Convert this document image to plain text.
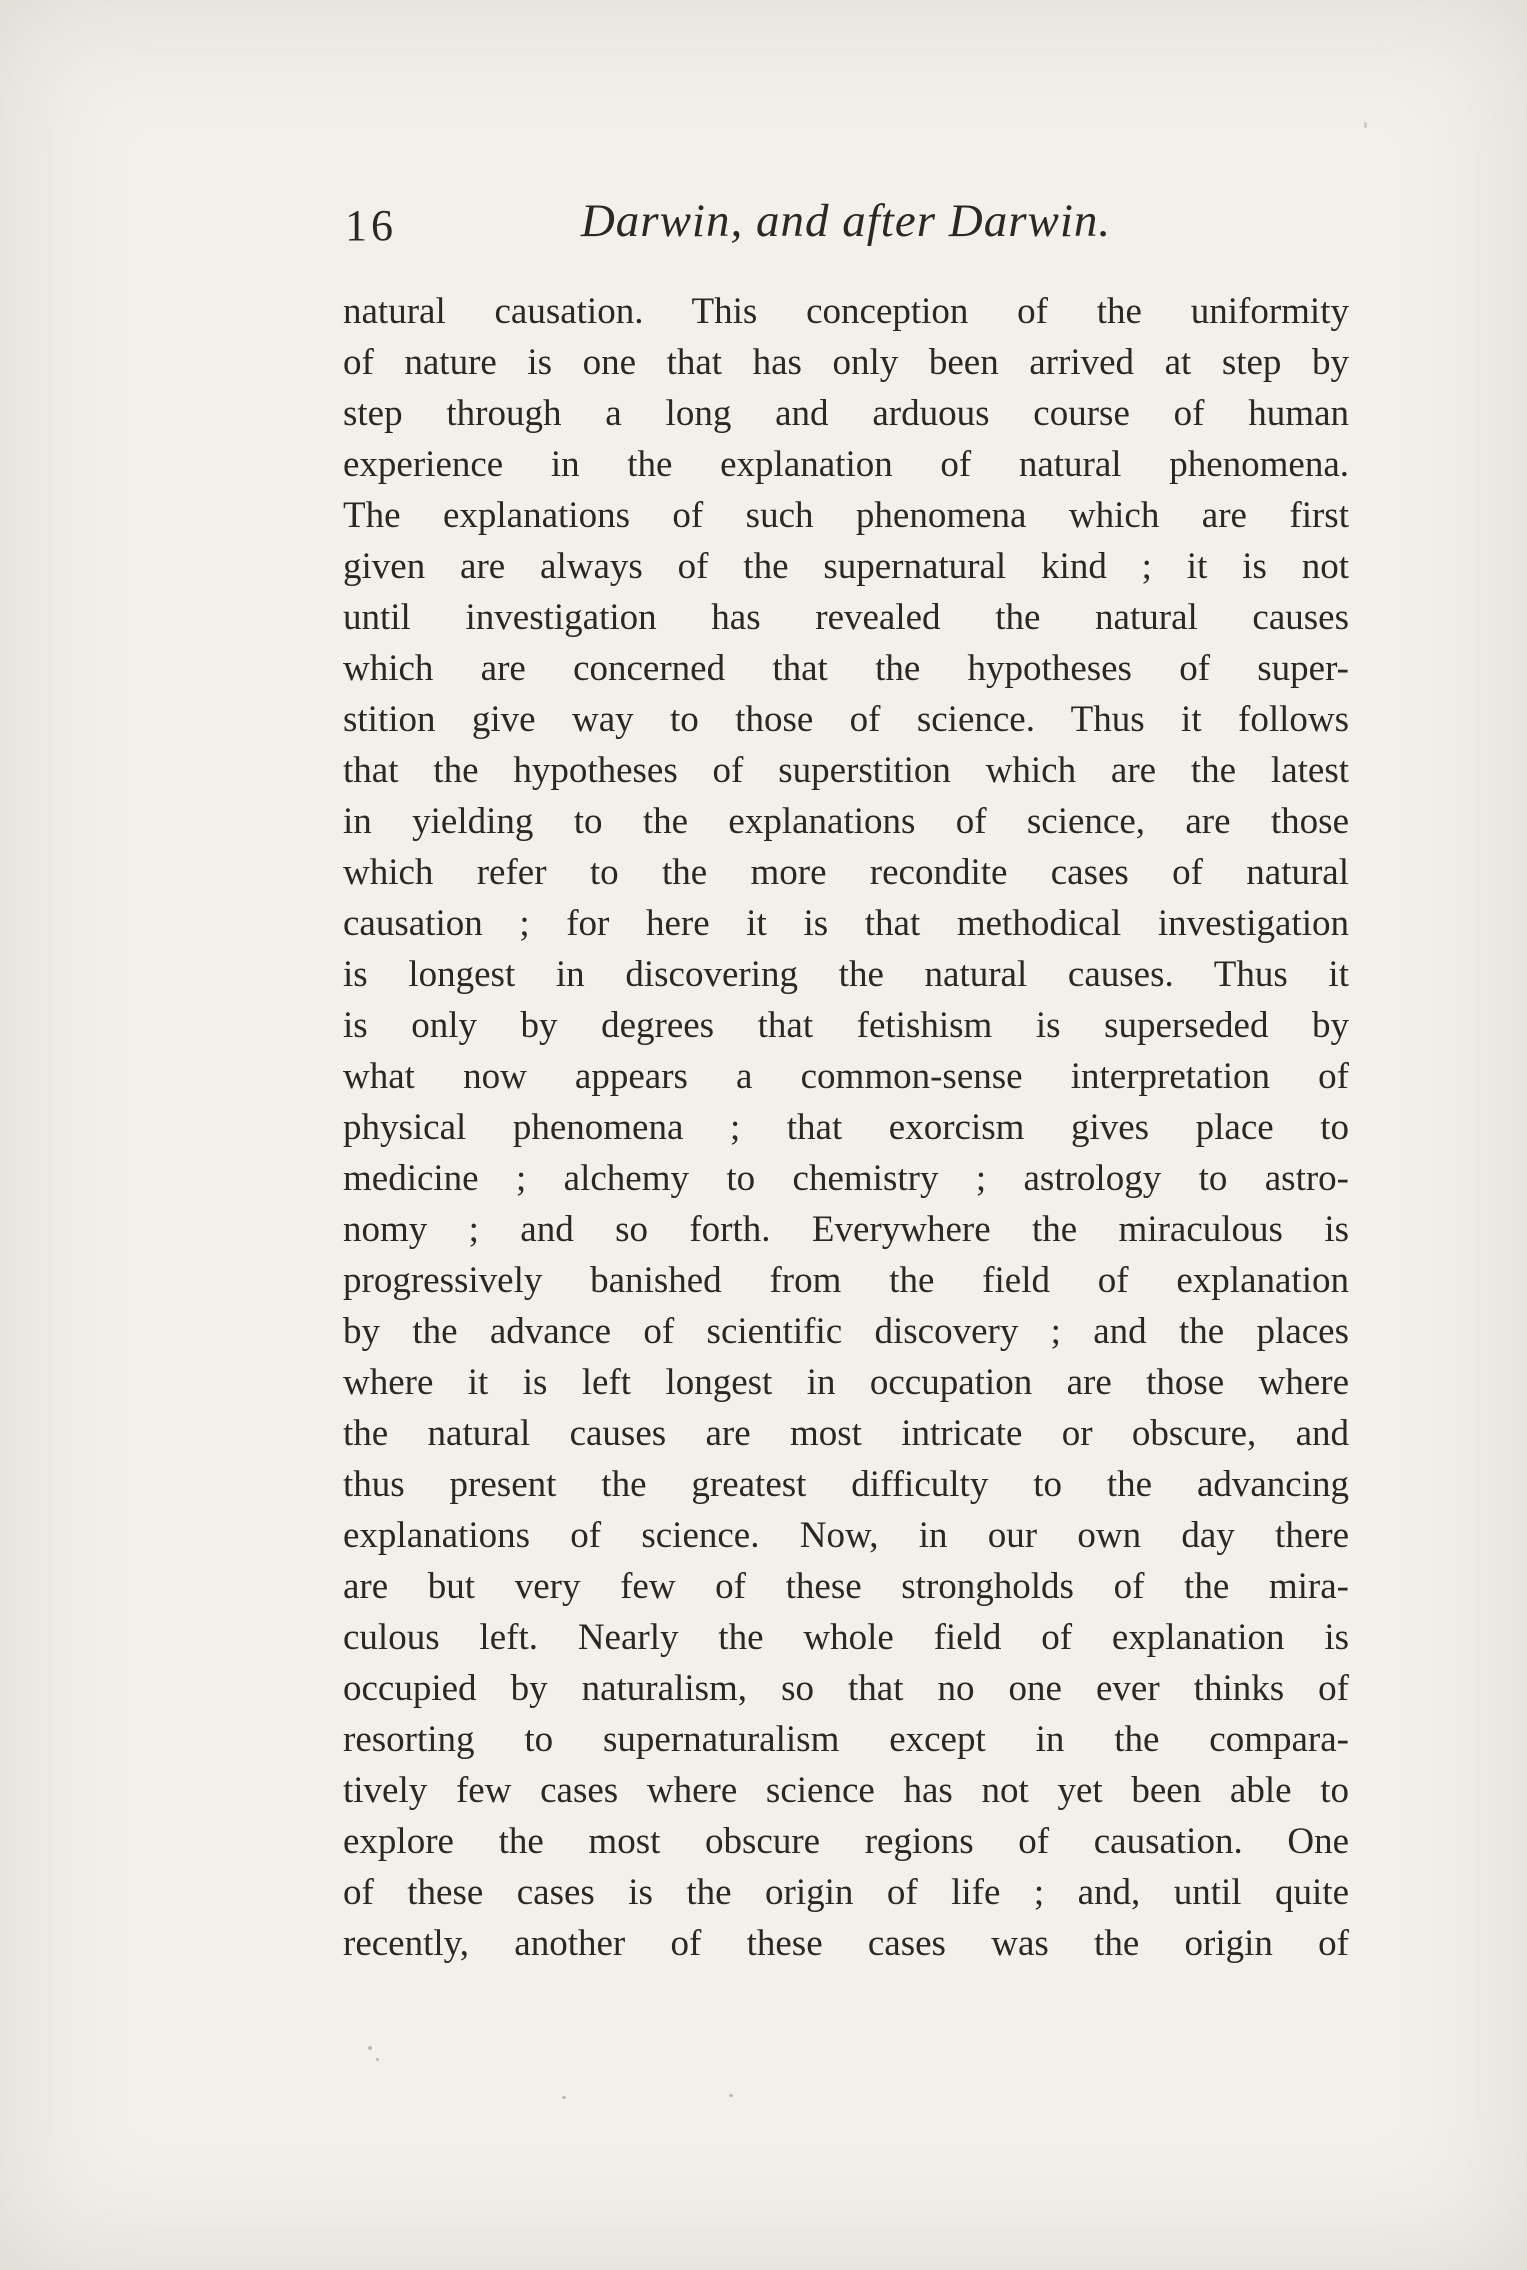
16	Darwin, and after Darwin.
natural causation. This conception of the uniformity
of nature is one that has only been arrived at step by
step through a long and arduous course of human
experience in the explanation of natural phenomena.
The explanations of such phenomena which are first
given are always of the supernatural kind ; it is not
until investigation has revealed the natural causes
which are concerned that the hypotheses of super-
stition give way to those of science. Thus it follows
that the hypotheses of superstition which are the latest
in yielding to the explanations of science, are those
which refer to the more recondite cases of natural
causation ; for here it is that methodical investigation
is longest in discovering the natural causes. Thus it
is only by degrees that fetishism is superseded by
what now appears a common-sense interpretation of
physical phenomena ; that exorcism gives place to
medicine ; alchemy to chemistry ; astrology to astro-
nomy ; and so forth. Everywhere the miraculous is
progressively banished from the field of explanation
by the advance of scientific discovery ; and the places
where it is left longest in occupation are those where
the natural causes are most intricate or obscure, and
thus present the greatest difficulty to the advancing
explanations of science. Now, in our own day there
are but very few of these strongholds of the mira-
culous left. Nearly the whole field of explanation is
occupied by naturalism, so that no one ever thinks of
resorting to supernaturalism except in the compara-
tively few cases where science has not yet been able to
explore the most obscure regions of causation. One
of these cases is the origin of life ; and, until quite
recently, another of these cases was the origin of
